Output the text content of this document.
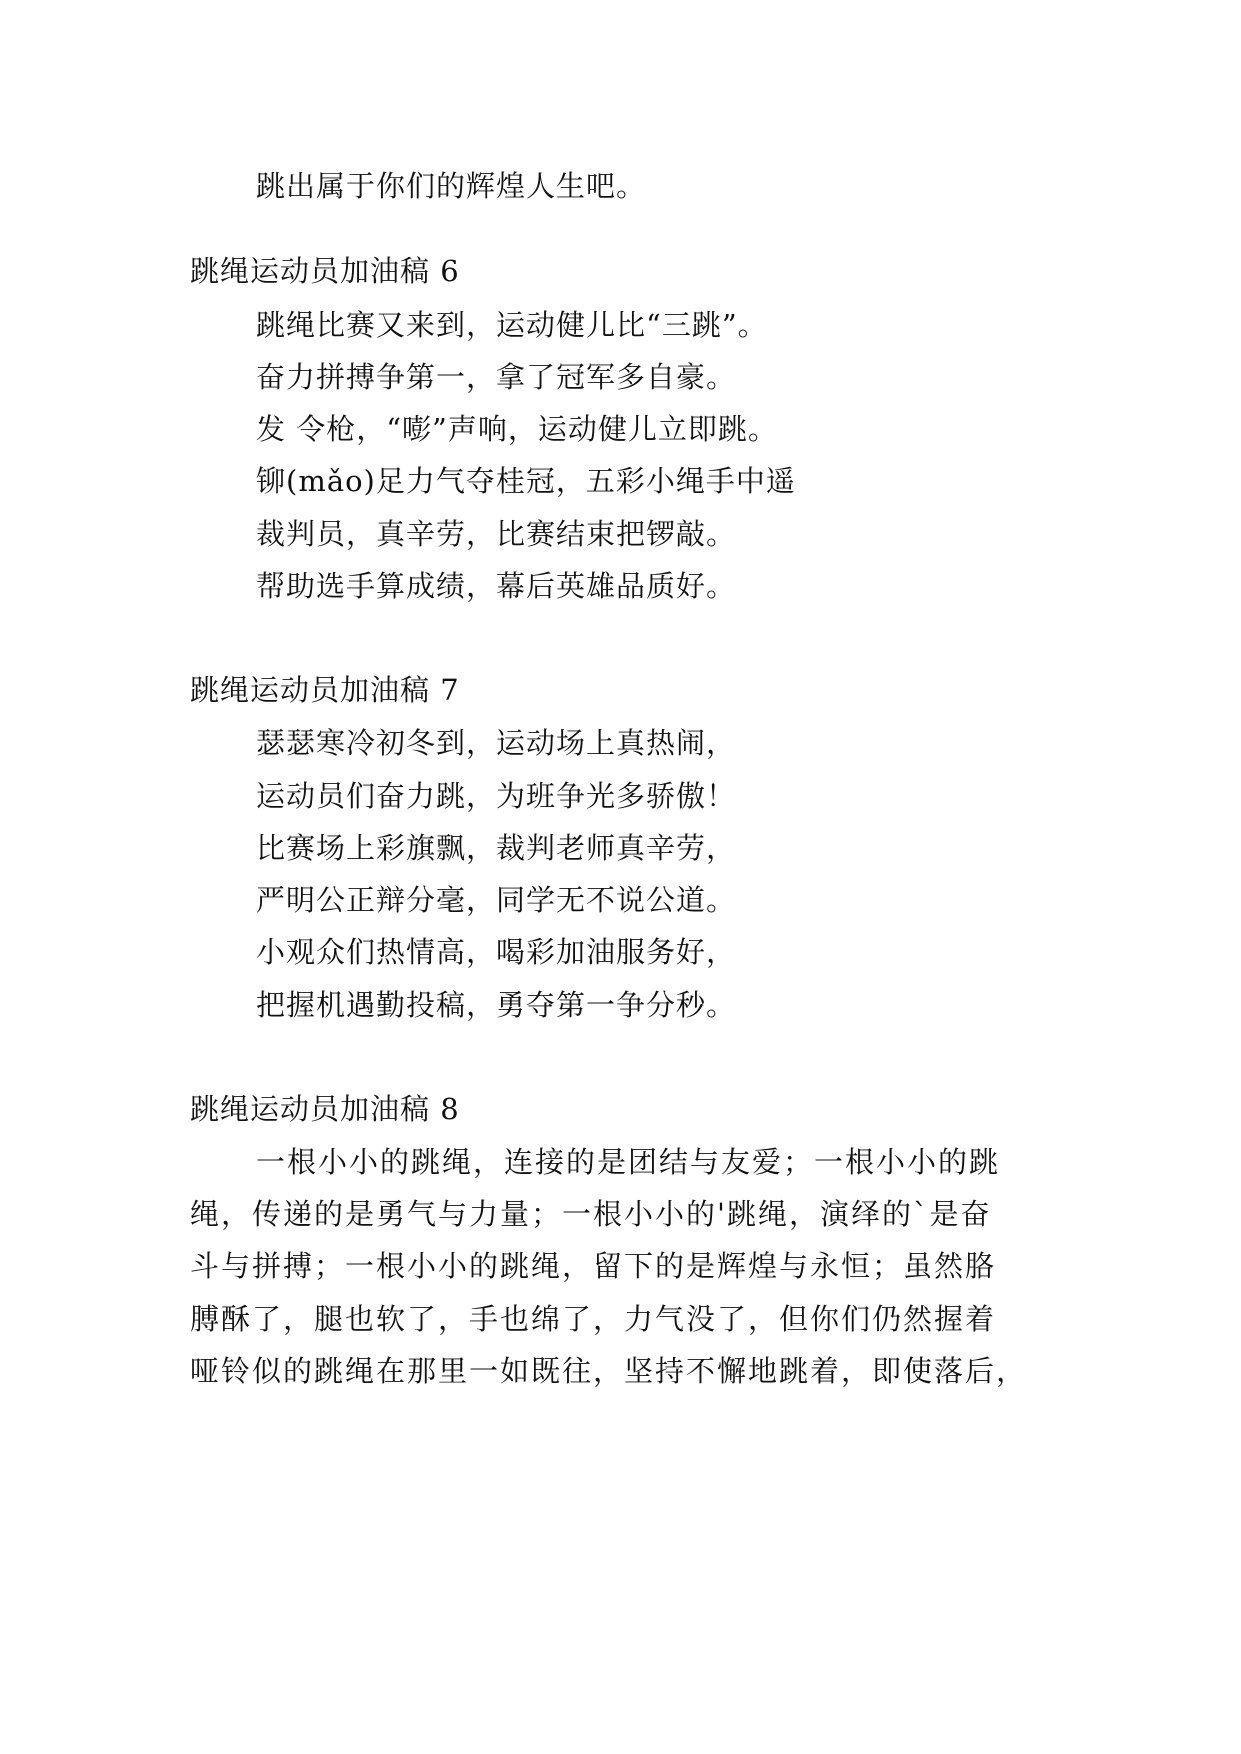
跳出属于你们的辉煌人生吧。
跳绳运动员加油稿 6
跳绳比赛又来到，运动健儿比“三跳”。
奋力拼搏争第一，拿了冠军多自豪。
发 令枪，“嘭”声响，运动健儿立即跳。
铆(mǎo)足力气夺桂冠，五彩小绳手中遥
裁判员，真辛劳，比赛结束把锣敲。
帮助选手算成绩，幕后英雄品质好。
跳绳运动员加油稿 7
瑟瑟寒冷初冬到，运动场上真热闹，
运动员们奋力跳，为班争光多骄傲！
比赛场上彩旗飘，裁判老师真辛劳，
严明公正辩分毫，同学无不说公道。
小观众们热情高，喝彩加油服务好，
把握机遇勤投稿，勇夺第一争分秒。
跳绳运动员加油稿 8
一根小小的跳绳，连接的是团结与友爱；一根小小的跳
绳，传递的是勇气与力量；一根小小的'跳绳，演绎的`是奋
斗与拼搏；一根小小的跳绳，留下的是辉煌与永恒；虽然胳
膊酥了，腿也软了，手也绵了，力气没了，但你们仍然握着
哑铃似的跳绳在那里一如既往，坚持不懈地跳着，即使落后，
